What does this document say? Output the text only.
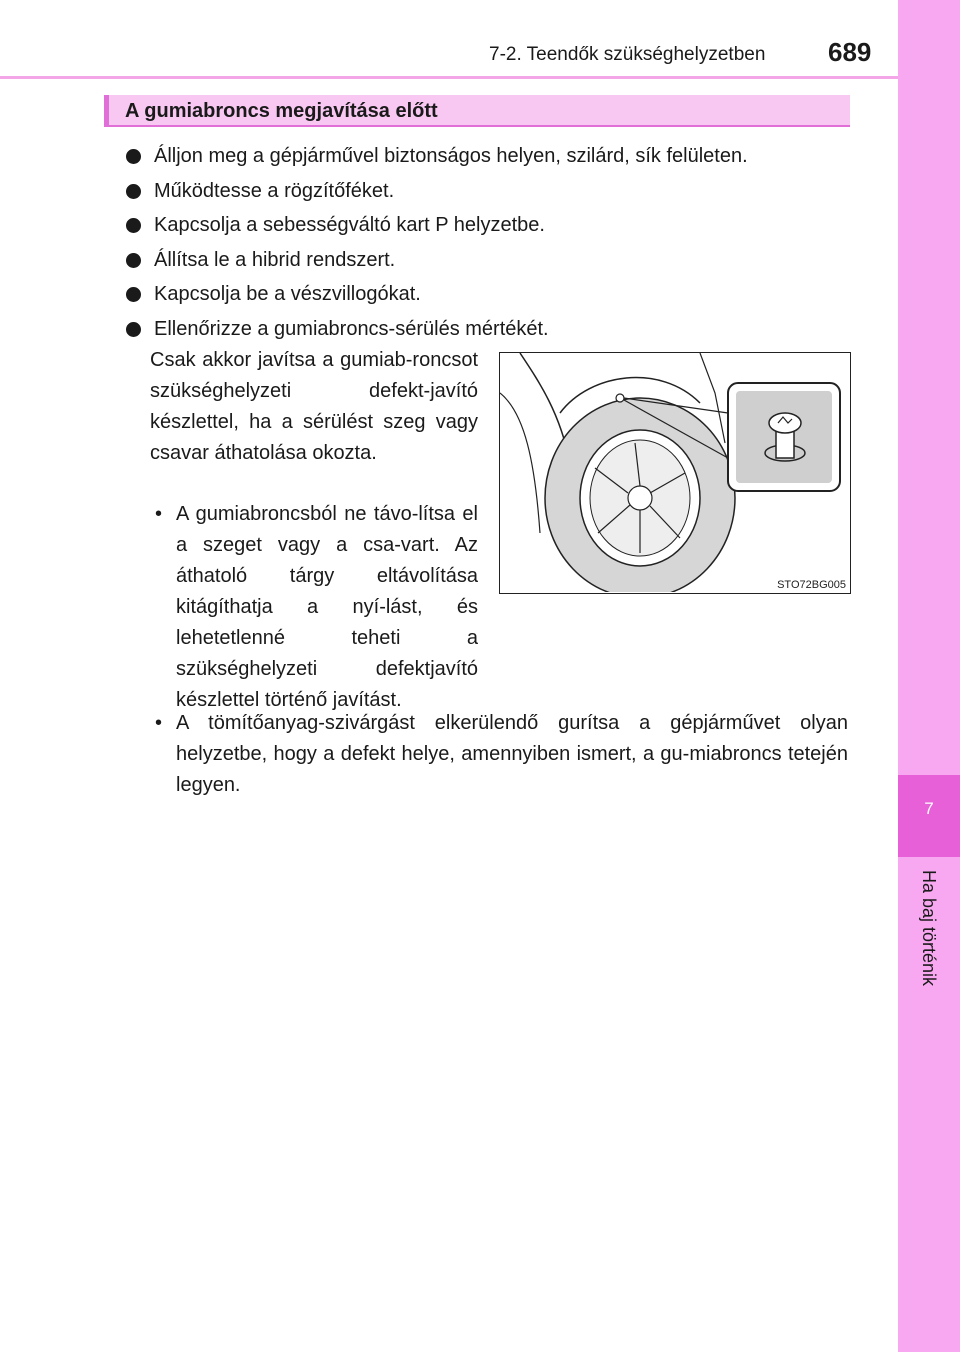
7-2. Teendők szükséghelyzetben 689
7
Ha baj történik
A gumiabroncs megjavítása előtt
Álljon meg a gépjárművel biztonságos helyen, szilárd, sík felületen.
Működtesse a rögzítőféket.
Kapcsolja a sebességváltó kart P helyzetbe.
Állítsa le a hibrid rendszert.
Kapcsolja be a vészvillogókat.
Ellenőrizze a gumiabroncs-sérülés mértékét.
Csak akkor javítsa a gumiab-roncsot szükséghelyzeti defekt-javító készlettel, ha a sérülést szeg vagy csavar áthatolása okozta.
• A gumiabroncsból ne távo-lítsa el a szeget vagy a csa-vart. Az áthatoló tárgy eltávolítása kitágíthatja a nyí-lást, és lehetetlenné teheti a szükséghelyzeti defektjavító készlettel történő javítást.
• A tömítőanyag-szivárgást elkerülendő gurítsa a gépjárművet olyan helyzetbe, hogy a defekt helye, amennyiben ismert, a gu-miabroncs tetején legyen.
STO72BG005
